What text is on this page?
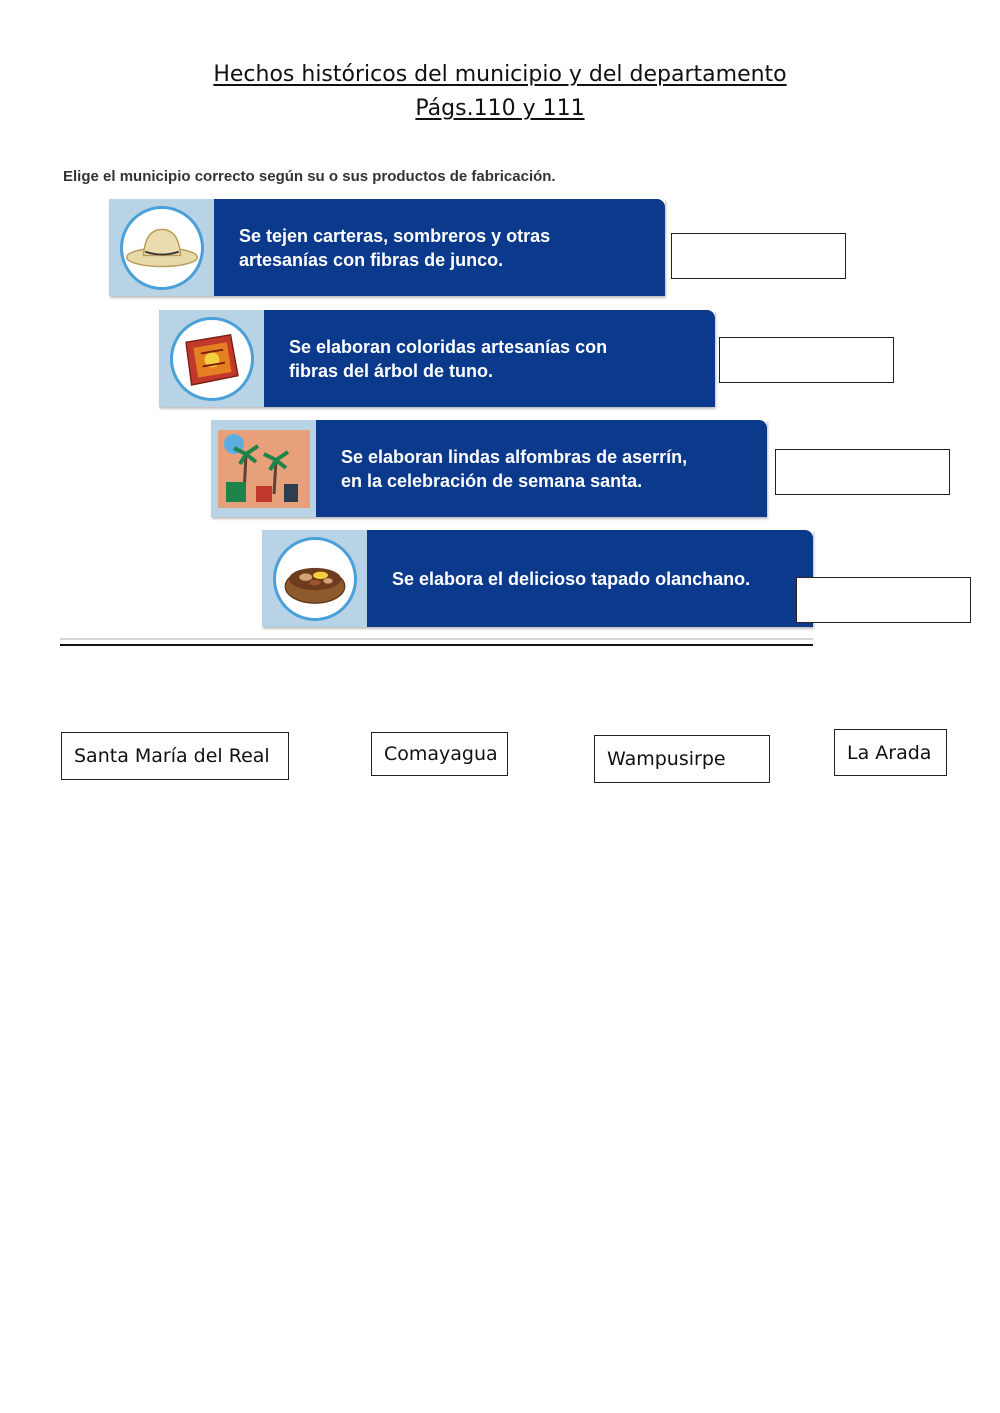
Hechos históricos del municipio y del departamento
Págs.110 y 111
Elige el municipio correcto según su o sus productos de fabricación.
Se tejen carteras, sombreros y otras
artesanías con fibras de junco.
Se elaboran coloridas artesanías con
fibras del árbol de tuno.
Se elaboran lindas alfombras de aserrín,
en la celebración de semana santa.
Se elabora el delicioso tapado olanchano.
Santa María del Real	Comayagua	Wampusirpe	La Arada
